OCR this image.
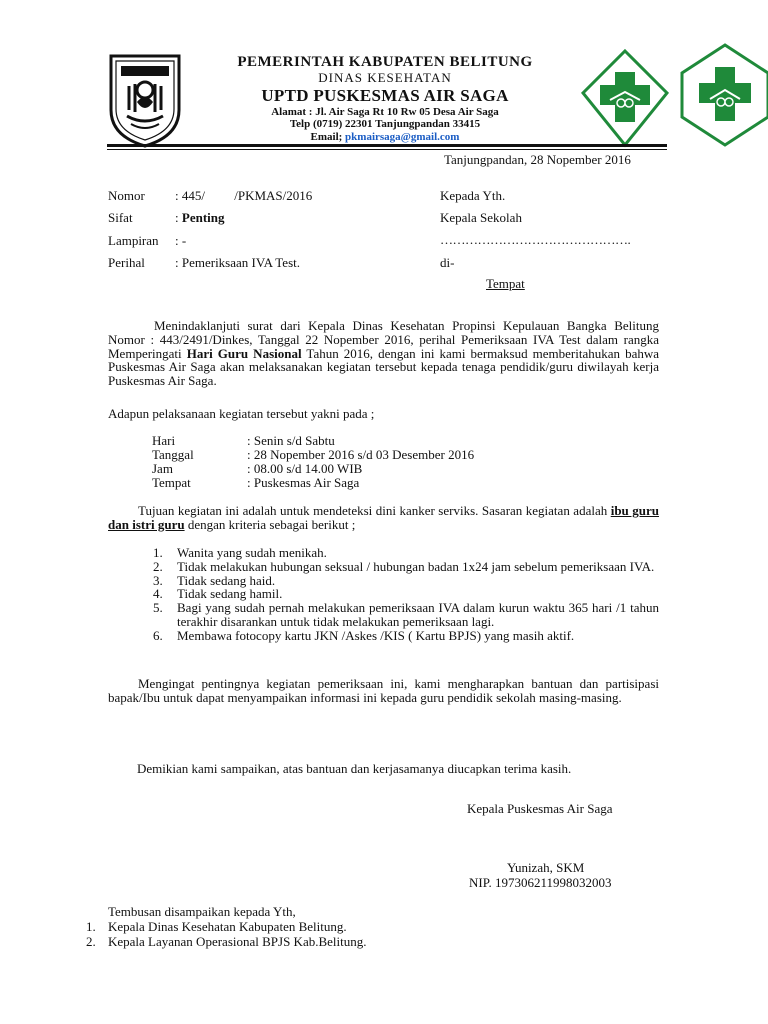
PEMERINTAH KABUPATEN BELITUNG
DINAS KESEHATAN
UPTD PUSKESMAS AIR SAGA
Alamat : Jl. Air Saga Rt 10 Rw 05 Desa Air Saga
Telp (0719) 22301 Tanjungpandan 33415
Email; pkmairsaga@gmail.com
Tanjungpandan, 28 Nopember 2016
Nomor : 445/         /PKMAS/2016
Sifat	: Penting
Lampiran : -
Perihal : Pemeriksaan IVA Test.
Kepada Yth.
Kepala Sekolah
……………………………………….
di-
Tempat
Menindaklanjuti surat dari Kepala Dinas Kesehatan Propinsi Kepulauan Bangka Belitung Nomor : 443/2491/Dinkes, Tanggal 22 Nopember 2016, perihal Pemeriksaan IVA Test dalam rangka Memperingati Hari Guru Nasional Tahun 2016, dengan ini kami bermaksud memberitahukan bahwa Puskesmas Air Saga akan melaksanakan kegiatan tersebut kepada tenaga pendidik/guru diwilayah kerja Puskesmas Air Saga.
Adapun pelaksanaan kegiatan tersebut yakni pada ;
Hari	: Senin s/d Sabtu
Tanggal	: 28 Nopember 2016 s/d 03 Desember 2016
Jam	: 08.00 s/d 14.00 WIB
Tempat	: Puskesmas Air Saga
Tujuan kegiatan ini adalah untuk mendeteksi dini kanker serviks. Sasaran kegiatan adalah ibu guru dan istri guru dengan kriteria sebagai berikut ;
1. Wanita yang sudah menikah.
2. Tidak melakukan hubungan seksual / hubungan badan 1x24 jam sebelum pemeriksaan IVA.
3. Tidak sedang haid.
4. Tidak sedang hamil.
5. Bagi yang sudah pernah melakukan pemeriksaan IVA dalam kurun waktu 365 hari /1 tahun terakhir disarankan untuk tidak melakukan pemeriksaan lagi.
6. Membawa fotocopy kartu JKN /Askes /KIS ( Kartu BPJS) yang masih aktif.
Mengingat pentingnya kegiatan pemeriksaan ini, kami mengharapkan bantuan dan partisipasi bapak/Ibu untuk dapat menyampaikan informasi ini kepada guru pendidik sekolah masing-masing.
Demikian kami sampaikan, atas bantuan dan kerjasamanya diucapkan terima kasih.
Kepala Puskesmas Air Saga
Yunizah, SKM
NIP. 197306211998032003
Tembusan disampaikan kepada Yth,
1. Kepala Dinas Kesehatan Kabupaten Belitung.
2. Kepala Layanan Operasional BPJS Kab.Belitung.
